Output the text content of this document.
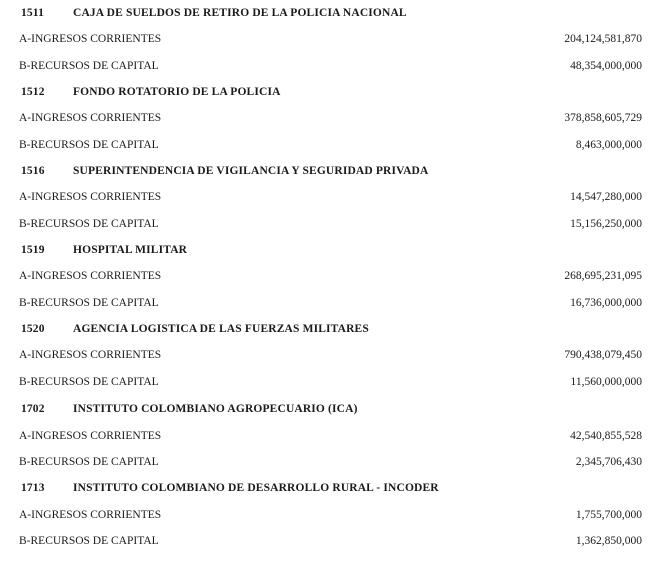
1511	CAJA DE SUELDOS DE RETIRO DE LA POLICIA NACIONAL
A-INGRESOS CORRIENTES	204,124,581,870
B-RECURSOS DE CAPITAL	48,354,000,000
1512 FONDO ROTATORIO DE LA POLICIA
A-INGRESOS CORRIENTES	378,858,605,729
B-RECURSOS DE CAPITAL	8,463,000,000
1516 SUPERINTENDENCIA DE VIGILANCIA Y SEGURIDAD PRIVADA
A-INGRESOS CORRIENTES	14,547,280,000
B-RECURSOS DE CAPITAL	15,156,250,000
1519 HOSPITAL MILITAR
A-INGRESOS CORRIENTES	268,695,231,095
B-RECURSOS DE CAPITAL	16,736,000,000
1520 AGENCIA LOGISTICA DE LAS FUERZAS MILITARES
A-INGRESOS CORRIENTES	790,438,079,450
B-RECURSOS DE CAPITAL	11,560,000,000
1702 INSTITUTO COLOMBIANO AGROPECUARIO (ICA)
A-INGRESOS CORRIENTES	42,540,855,528
B-RECURSOS DE CAPITAL	2,345,706,430
1713 INSTITUTO COLOMBIANO DE DESARROLLO RURAL - INCODER
A-INGRESOS CORRIENTES	1,755,700,000
B-RECURSOS DE CAPITAL	1,362,850,000
